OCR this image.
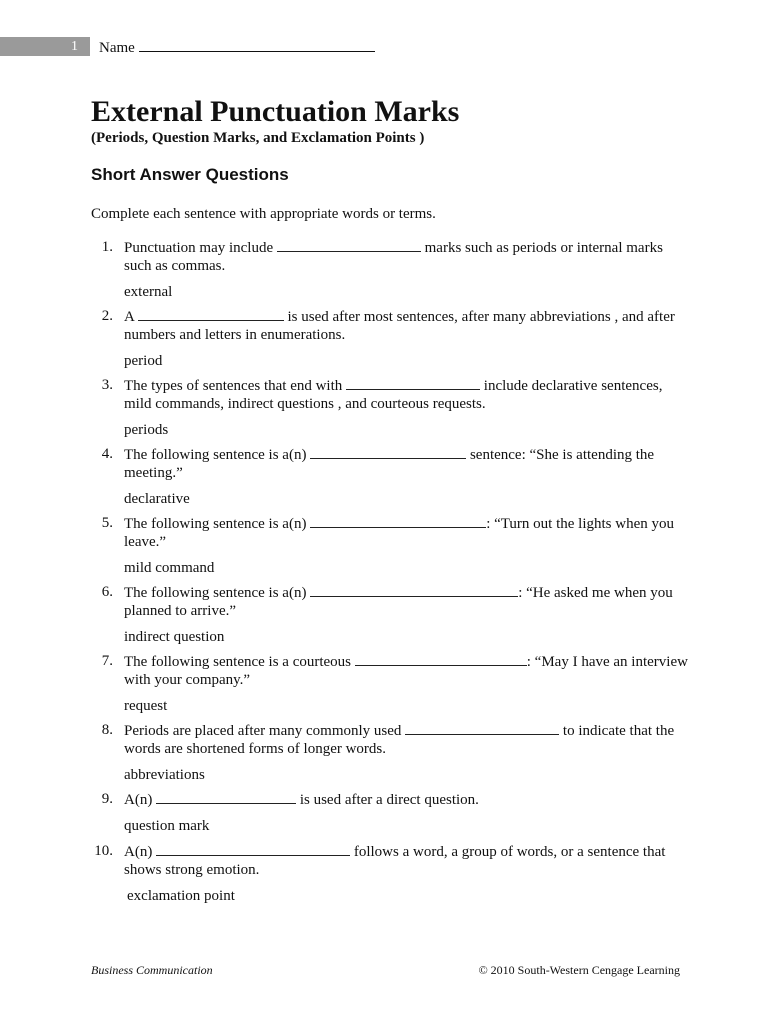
1 Name
External Punctuation Marks
(Periods, Question Marks, and Exclamation Points )
Short Answer Questions
Complete each sentence with appropriate words or terms.
1. Punctuation may include	marks such as periods or internal marks such as commas.
external
2. A	is used after most sentences, after many abbreviations , and after numbers and letters in enumerations.
period
3. The types of sentences that end with	include declarative sentences, mild commands, indirect questions , and courteous requests.
periods
4. The following sentence is a(n)	sentence: “She is attending the meeting.”
declarative
5. The following sentence is a(n)	: “Turn out the lights when you leave.”
mild command
6. The following sentence is a(n)	: “He asked me when you planned to arrive.”
indirect question
7. The following sentence is a courteous	: “May I have an interview with your company.”
request
8. Periods are placed after many commonly used	to indicate that the words are shortened forms of longer words.
abbreviations
9. A(n)	is used after a direct question.
question mark
10. A(n)	follows a word, a group of words, or a sentence that shows strong emotion.
exclamation point
Business Communication	© 2010 South-Western Cengage Learning
